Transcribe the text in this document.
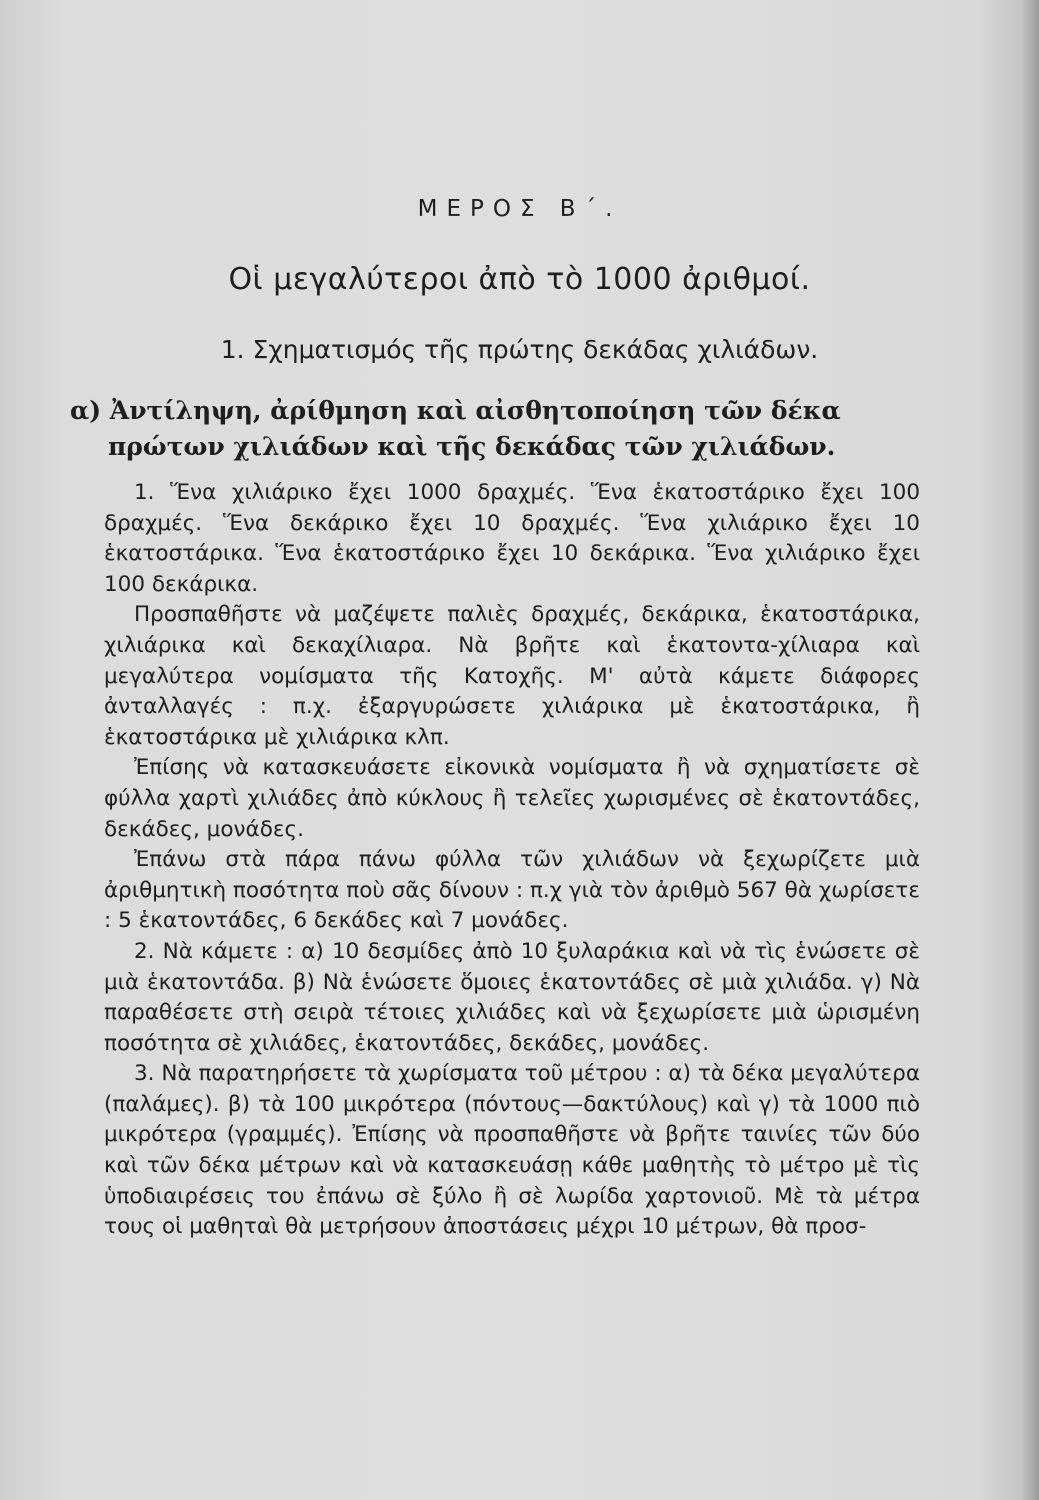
ΜΕΡΟΣ Β΄.
Οἱ μεγαλύτεροι ἀπὸ τὸ 1000 ἀριθμοί.
1. Σχηματισμός τῆς πρώτης δεκάδας χιλιάδων.
α) Ἀντίληψη, ἀρίθμηση καὶ αἰσθητοποίηση τῶν δέκα πρώτων χιλιάδων καὶ τῆς δεκάδας τῶν χιλιάδων.

1. Ἕνα χιλιάρικο ἔχει 1000 δραχμές. Ἕνα ἑκατοστάρικο ἔχει 100 δραχμές. Ἕνα δεκάρικο ἔχει 10 δραχμές. Ἕνα χιλιάρικο ἔχει 10 ἑκατοστάρικα. Ἕνα ἑκατοστάρικο ἔχει 10 δεκάρικα. Ἕνα χιλιάρικο ἔχει 100 δεκάρικα.

Προσπαθῆστε νὰ μαζέψετε παλιὲς δραχμές, δεκάρικα, ἑκατοστάρικα, χιλιάρικα καὶ δεκαχίλιαρα. Νὰ βρῆτε καὶ ἑκατοντα-χίλιαρα καὶ μεγαλύτερα νομίσματα τῆς Κατοχῆς. Μ' αὐτὰ κάμετε διάφορες ἀνταλλαγές : π.χ. ἐξαργυρώσετε χιλιάρικα μὲ ἑκατοστάρικα, ἢ ἑκατοστάρικα μὲ χιλιάρικα κλπ.

Ἐπίσης νὰ κατασκευάσετε εἰκονικὰ νομίσματα ἢ νὰ σχηματίσετε σὲ φύλλα χαρτὶ χιλιάδες ἀπὸ κύκλους ἢ τελεῖες χωρισμένες σὲ ἑκατοντάδες, δεκάδες, μονάδες.

Ἐπάνω στὰ πάρα πάνω φύλλα τῶν χιλιάδων νὰ ξεχωρίζετε μιὰ ἀριθμητικὴ ποσότητα ποὺ σᾶς δίνουν : π.χ γιὰ τὸν ἀριθμὸ 567 θὰ χωρίσετε : 5 ἑκατοντάδες, 6 δεκάδες καὶ 7 μονάδες.

2. Νὰ κάμετε : α) 10 δεσμίδες ἀπὸ 10 ξυλαράκια καὶ νὰ τὶς ἑνώσετε σὲ μιὰ ἑκατοντάδα. β) Νὰ ἑνώσετε ὅμοιες ἑκατοντάδες σὲ μιὰ χιλιάδα. γ) Νὰ παραθέσετε στὴ σειρὰ τέτοιες χιλιάδες καὶ νὰ ξεχωρίσετε μιὰ ὡρισμένη ποσότητα σὲ χιλιάδες, ἑκατοντάδες, δεκάδες, μονάδες.

3. Νὰ παρατηρήσετε τὰ χωρίσματα τοῦ μέτρου : α) τὰ δέκα μεγαλύτερα (παλάμες). β) τὰ 100 μικρότερα (πόντους—δακτύλους) καὶ γ) τὰ 1000 πιὸ μικρότερα (γραμμές). Ἐπίσης νὰ προσπαθῆστε νὰ βρῆτε ταινίες τῶν δύο καὶ τῶν δέκα μέτρων καὶ νὰ κατασκευάσῃ κάθε μαθητὴς τὸ μέτρο μὲ τὶς ὑποδιαιρέσεις του ἐπάνω σὲ ξύλο ἢ σὲ λωρίδα χαρτονιοῦ. Μὲ τὰ μέτρα τους οἱ μαθηταὶ θὰ μετρήσουν ἀποστάσεις μέχρι 10 μέτρων, θὰ προσ-
